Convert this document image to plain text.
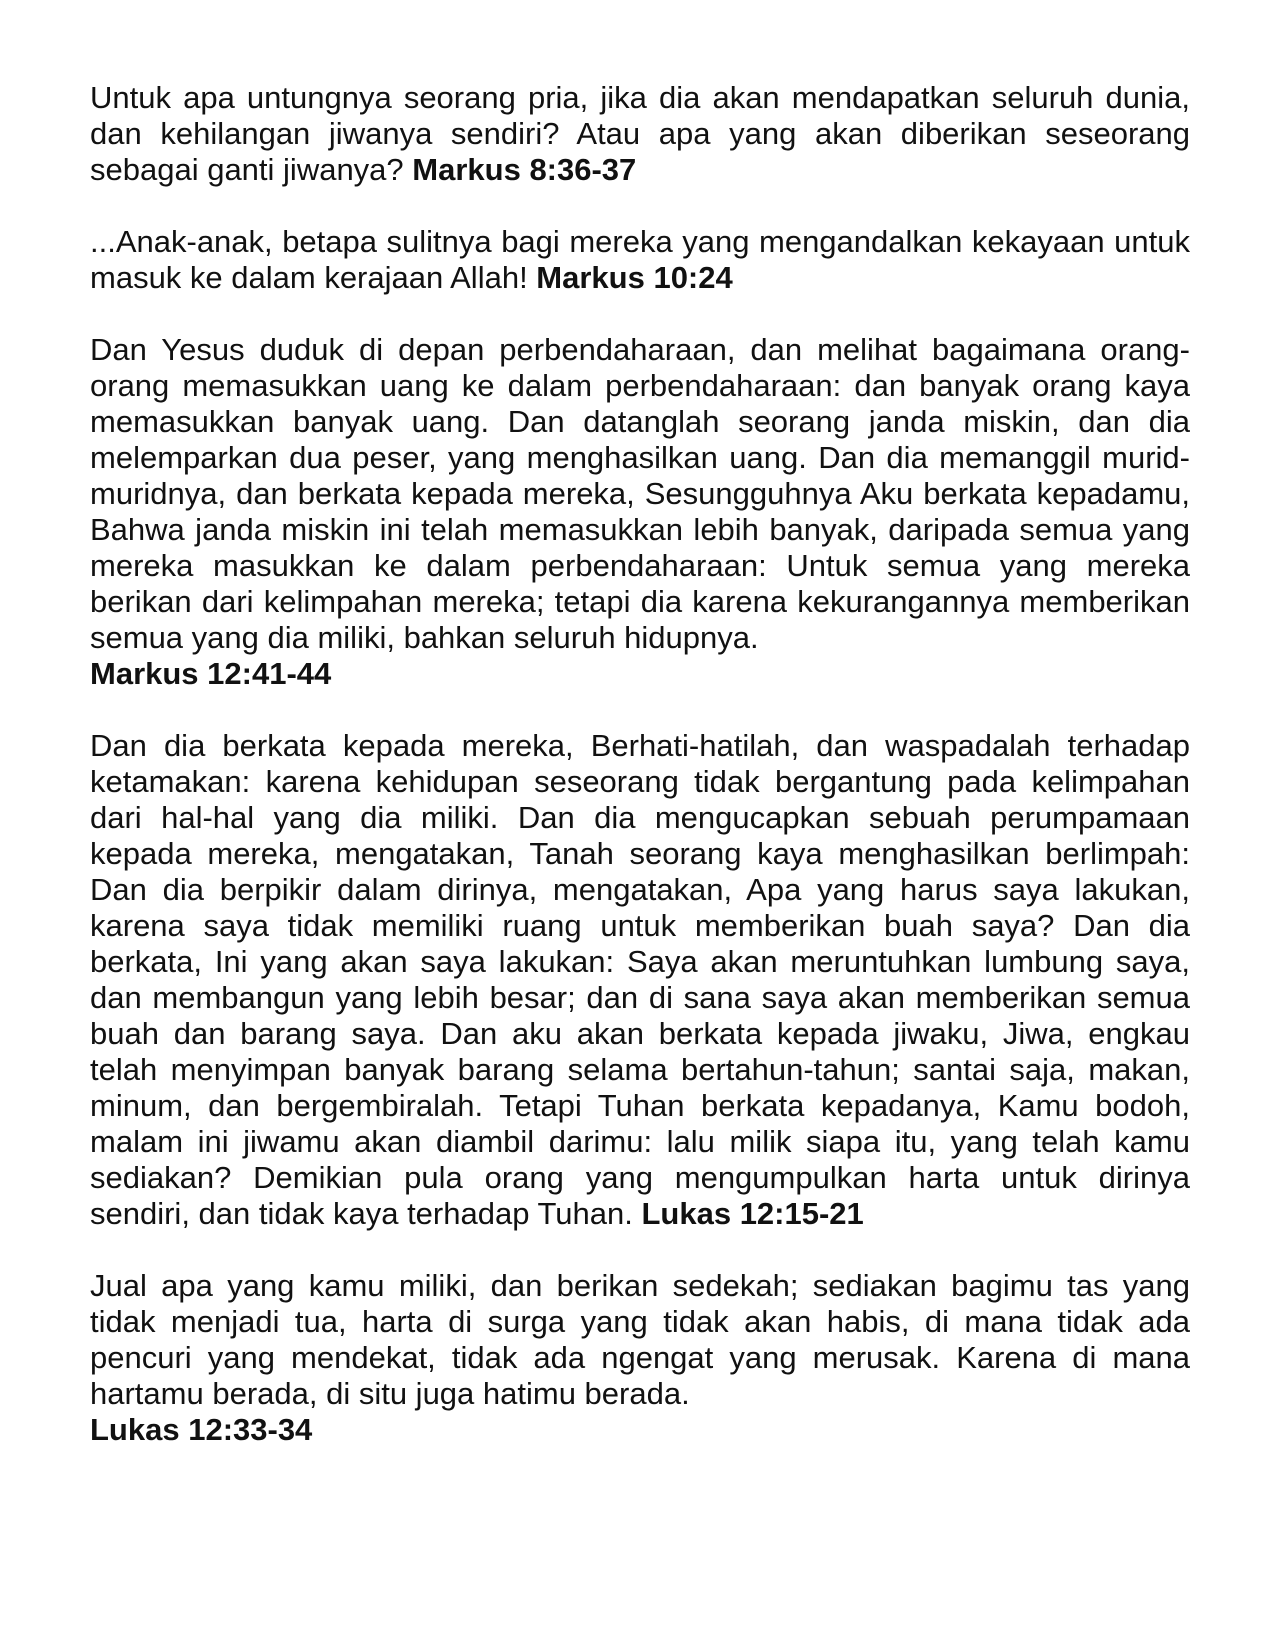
Untuk apa untungnya seorang pria, jika dia akan mendapatkan seluruh dunia, dan kehilangan jiwanya sendiri? Atau apa yang akan diberikan seseorang sebagai ganti jiwanya? Markus 8:36-37

...Anak-anak, betapa sulitnya bagi mereka yang mengandalkan kekayaan untuk masuk ke dalam kerajaan Allah! Markus 10:24

Dan Yesus duduk di depan perbendaharaan, dan melihat bagaimana orang-orang memasukkan uang ke dalam perbendaharaan: dan banyak orang kaya memasukkan banyak uang. Dan datanglah seorang janda miskin, dan dia melemparkan dua peser, yang menghasilkan uang. Dan dia memanggil murid-muridnya, dan berkata kepada mereka, Sesungguhnya Aku berkata kepadamu, Bahwa janda miskin ini telah memasukkan lebih banyak, daripada semua yang mereka masukkan ke dalam perbendaharaan: Untuk semua yang mereka berikan dari kelimpahan mereka; tetapi dia karena kekurangannya memberikan semua yang dia miliki, bahkan seluruh hidupnya.
Markus 12:41-44

Dan dia berkata kepada mereka, Berhati-hatilah, dan waspadalah terhadap ketamakan: karena kehidupan seseorang tidak bergantung pada kelimpahan dari hal-hal yang dia miliki. Dan dia mengucapkan sebuah perumpamaan kepada mereka, mengatakan, Tanah seorang kaya menghasilkan berlimpah: Dan dia berpikir dalam dirinya, mengatakan, Apa yang harus saya lakukan, karena saya tidak memiliki ruang untuk memberikan buah saya? Dan dia berkata, Ini yang akan saya lakukan: Saya akan meruntuhkan lumbung saya, dan membangun yang lebih besar; dan di sana saya akan memberikan semua buah dan barang saya. Dan aku akan berkata kepada jiwaku, Jiwa, engkau telah menyimpan banyak barang selama bertahun-tahun; santai saja, makan, minum, dan bergembiralah. Tetapi Tuhan berkata kepadanya, Kamu bodoh, malam ini jiwamu akan diambil darimu: lalu milik siapa itu, yang telah kamu sediakan? Demikian pula orang yang mengumpulkan harta untuk dirinya sendiri, dan tidak kaya terhadap Tuhan. Lukas 12:15-21

Jual apa yang kamu miliki, dan berikan sedekah; sediakan bagimu tas yang tidak menjadi tua, harta di surga yang tidak akan habis, di mana tidak ada pencuri yang mendekat, tidak ada ngengat yang merusak. Karena di mana hartamu berada, di situ juga hatimu berada.
Lukas 12:33-34
